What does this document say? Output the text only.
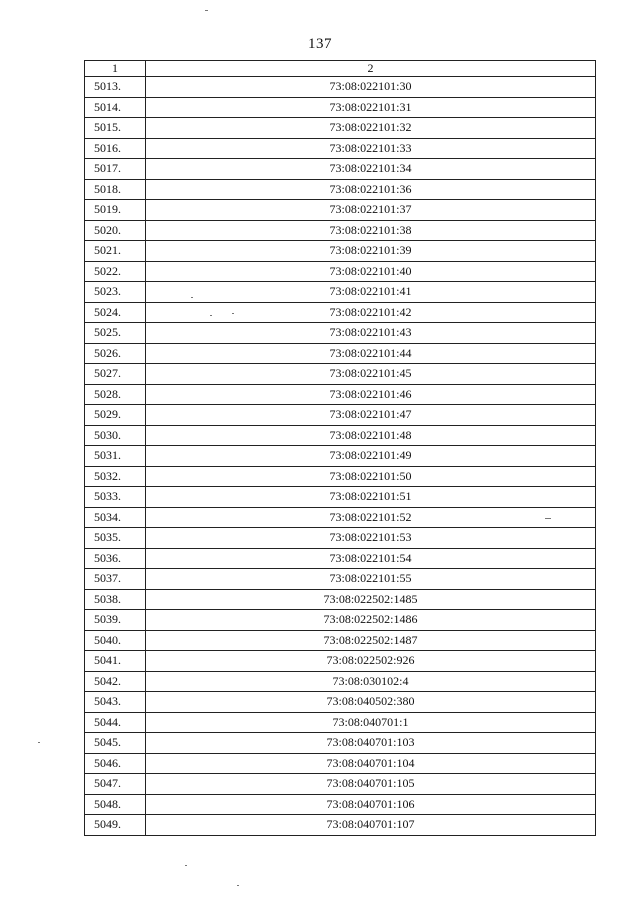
137
1	2
5013.	73:08:022101:30
5014.	73:08:022101:31
5015.	73:08:022101:32
5016.	73:08:022101:33
5017.	73:08:022101:34
5018.	73:08:022101:36
5019.	73:08:022101:37
5020.	73:08:022101:38
5021.	73:08:022101:39
5022.	73:08:022101:40
5023.	73:08:022101:41
5024.	73:08:022101:42
5025.	73:08:022101:43
5026.	73:08:022101:44
5027.	73:08:022101:45
5028.	73:08:022101:46
5029.	73:08:022101:47
5030.	73:08:022101:48
5031.	73:08:022101:49
5032.	73:08:022101:50
5033.	73:08:022101:51
5034.	73:08:022101:52
5035.	73:08:022101:53
5036.	73:08:022101:54
5037.	73:08:022101:55
5038.	73:08:022502:1485
5039.	73:08:022502:1486
5040.	73:08:022502:1487
5041.	73:08:022502:926
5042.	73:08:030102:4
5043.	73:08:040502:380
5044.	73:08:040701:1
5045.	73:08:040701:103
5046.	73:08:040701:104
5047.	73:08:040701:105
5048.	73:08:040701:106
5049.	73:08:040701:107
